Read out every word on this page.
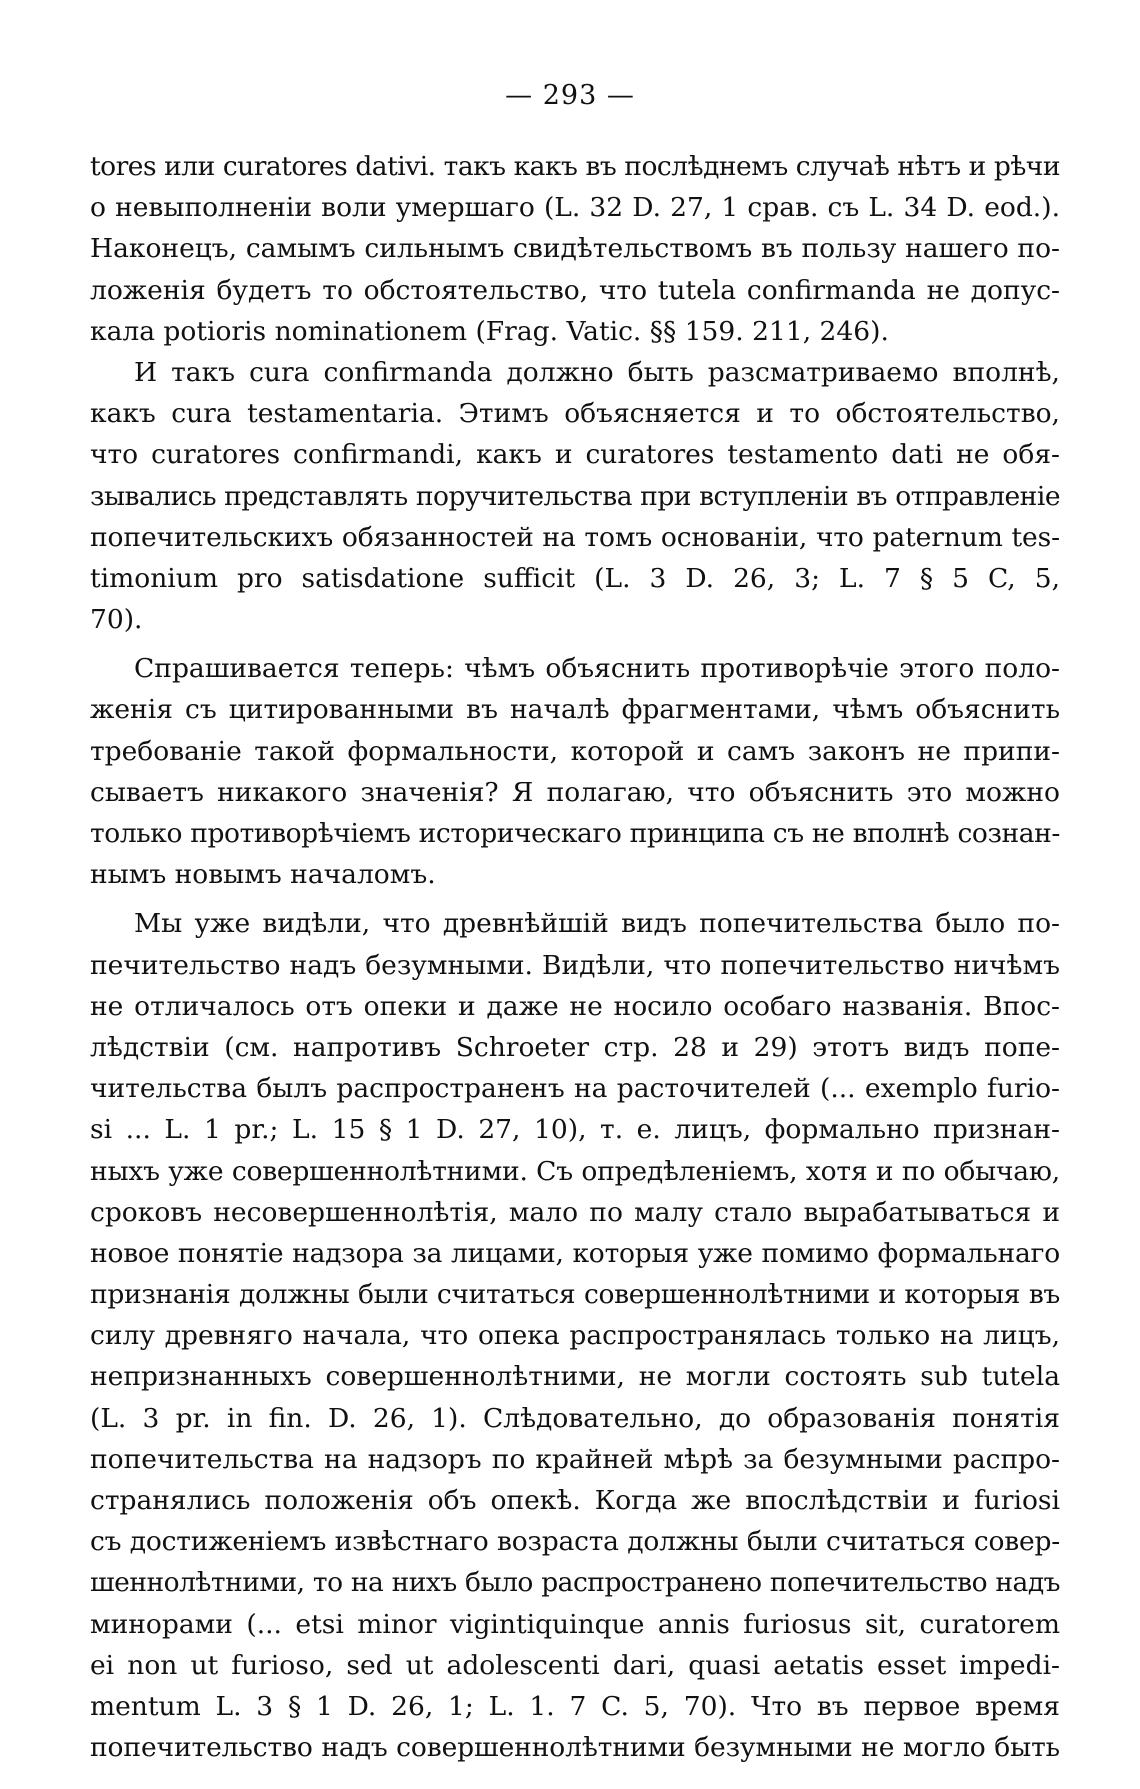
— 293 —
tores или curatores dativi. такъ какъ въ послѣднемъ случаѣ нѣтъ и рѣчи
о невыполненіи воли умершаго (L. 32 D. 27, 1 срав. съ L. 34 D. eod.).
Наконецъ, самымъ сильнымъ свидѣтельствомъ въ пользу нашего по-
ложенія будетъ то обстоятельство, что tutela confirmanda не допус-
кала potioris nominationem (Frag. Vatic. §§ 159. 211, 246).
И такъ cura confirmanda должно быть разсматриваемо вполнѣ,
какъ cura testamentaria. Этимъ объясняется и то обстоятельство,
что curatores confirmandi, какъ и curatores testamento dati не обя-
зывались представлять поручительства при вступленіи въ отправленіе
попечительскихъ обязанностей на томъ основаніи, что paternum tes-
timonium pro satisdatione sufficit (L. 3 D. 26, 3; L. 7 § 5 C, 5,
70).
Спрашивается теперь: чѣмъ объяснить противорѣчіе этого поло-
женія съ цитированными въ началѣ фрагментами, чѣмъ объяснить
требованіе такой формальности, которой и самъ законъ не припи-
сываетъ никакого значенія? Я полагаю, что объяснить это можно
только противорѣчіемъ историческаго принципа съ не вполнѣ сознан-
нымъ новымъ началомъ.
Мы уже видѣли, что древнѣйшій видъ попечительства было по-
печительство надъ безумными. Видѣли, что попечительство ничѣмъ
не отличалось отъ опеки и даже не носило особаго названія. Впос-
лѣдствіи (см. напротивъ Schroeter стр. 28 и 29) этотъ видъ попе-
чительства былъ распространенъ на расточителей (... exemplo furio-
si ... L. 1 pr.; L. 15 § 1 D. 27, 10), т. е. лицъ, формально признан-
ныхъ уже совершеннолѣтними. Съ опредѣленіемъ, хотя и по обычаю,
сроковъ несовершеннолѣтія, мало по малу стало вырабатываться и
новое понятіе надзора за лицами, которыя уже помимо формальнаго
признанія должны были считаться совершеннолѣтними и которыя въ
силу древняго начала, что опека распространялась только на лицъ,
непризнанныхъ совершеннолѣтними, не могли состоять sub tutela
(L. 3 pr. in fin. D. 26, 1). Слѣдовательно, до образованія понятія
попечительства на надзоръ по крайней мѣрѣ за безумными распро-
странялись положенія объ опекѣ. Когда же впослѣдствіи и furiosi
съ достиженіемъ извѣстнаго возраста должны были считаться совер-
шеннолѣтними, то на нихъ было распространено попечительство надъ
минорами (... etsi minor vigintiquinque annis furiosus sit, curatorem
ei non ut furioso, sed ut adolescenti dari, quasi aetatis esset impedi-
mentum L. 3 § 1 D. 26, 1; L. 1. 7 C. 5, 70). Что въ первое время
попечительство надъ совершеннолѣтними безумными не могло быть
